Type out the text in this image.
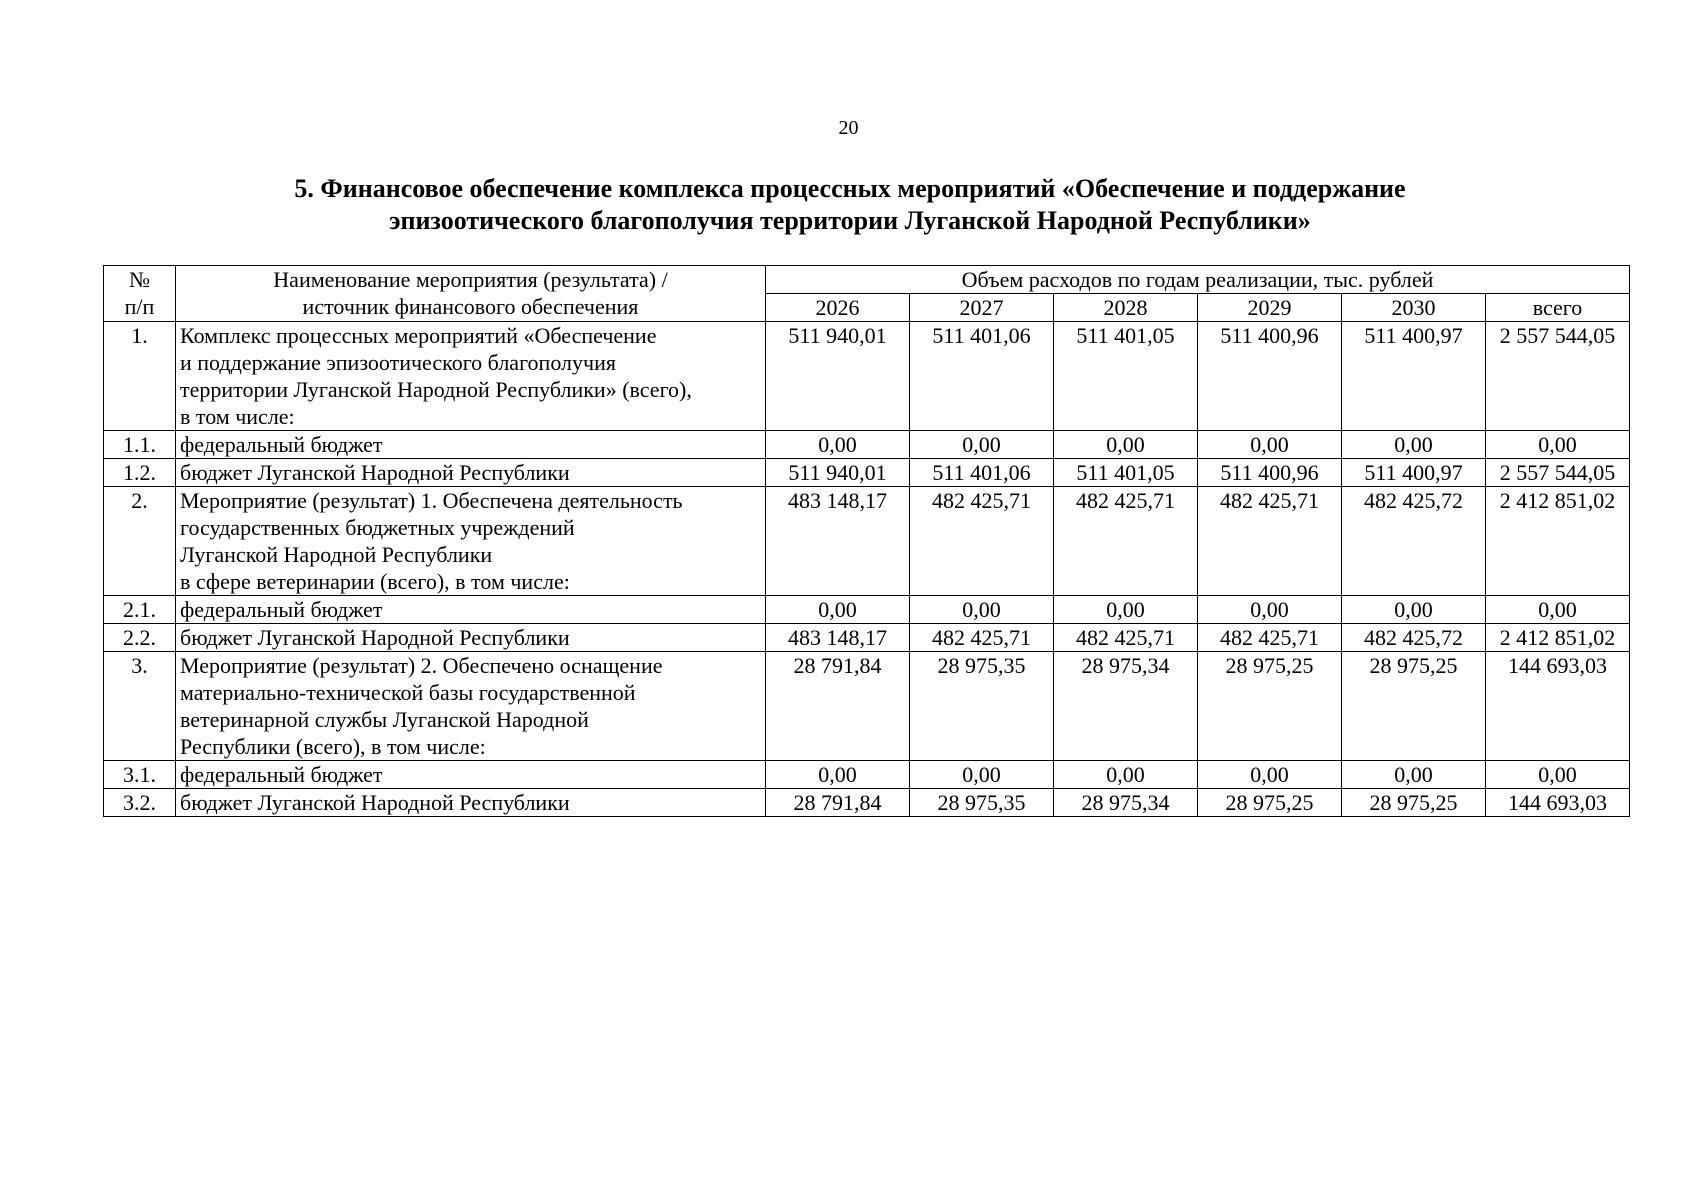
20
5. Финансовое обеспечение комплекса процессных мероприятий «Обеспечение и поддержание
эпизоотического благополучия территории Луганской Народной Республики»
№
п/п	Наименование мероприятия (результата) /
источник финансового обеспечения	Объем расходов по годам реализации, тыс. рублей					
		2026	2027	2028	2029	2030	всего
1.	Комплекс процессных мероприятий «Обеспечение
и поддержание эпизоотического благополучия
территории Луганской Народной Республики» (всего),
в том числе:	511 940,01	511 401,06	511 401,05	511 400,96	511 400,97	2 557 544,05
1.1.	федеральный бюджет	0,00	0,00	0,00	0,00	0,00	0,00
1.2.	бюджет Луганской Народной Республики	511 940,01	511 401,06	511 401,05	511 400,96	511 400,97	2 557 544,05
2.	Мероприятие (результат) 1. Обеспечена деятельность
государственных бюджетных учреждений
Луганской Народной Республики
в сфере ветеринарии (всего), в том числе:	483 148,17	482 425,71	482 425,71	482 425,71	482 425,72	2 412 851,02
2.1.	федеральный бюджет	0,00	0,00	0,00	0,00	0,00	0,00
2.2.	бюджет Луганской Народной Республики	483 148,17	482 425,71	482 425,71	482 425,71	482 425,72	2 412 851,02
3.	Мероприятие (результат) 2. Обеспечено оснащение
материально-технической базы государственной
ветеринарной службы Луганской Народной
Республики (всего), в том числе:	28 791,84	28 975,35	28 975,34	28 975,25	28 975,25	144 693,03
3.1.	федеральный бюджет	0,00	0,00	0,00	0,00	0,00	0,00
3.2.	бюджет Луганской Народной Республики	28 791,84	28 975,35	28 975,34	28 975,25	28 975,25	144 693,03
